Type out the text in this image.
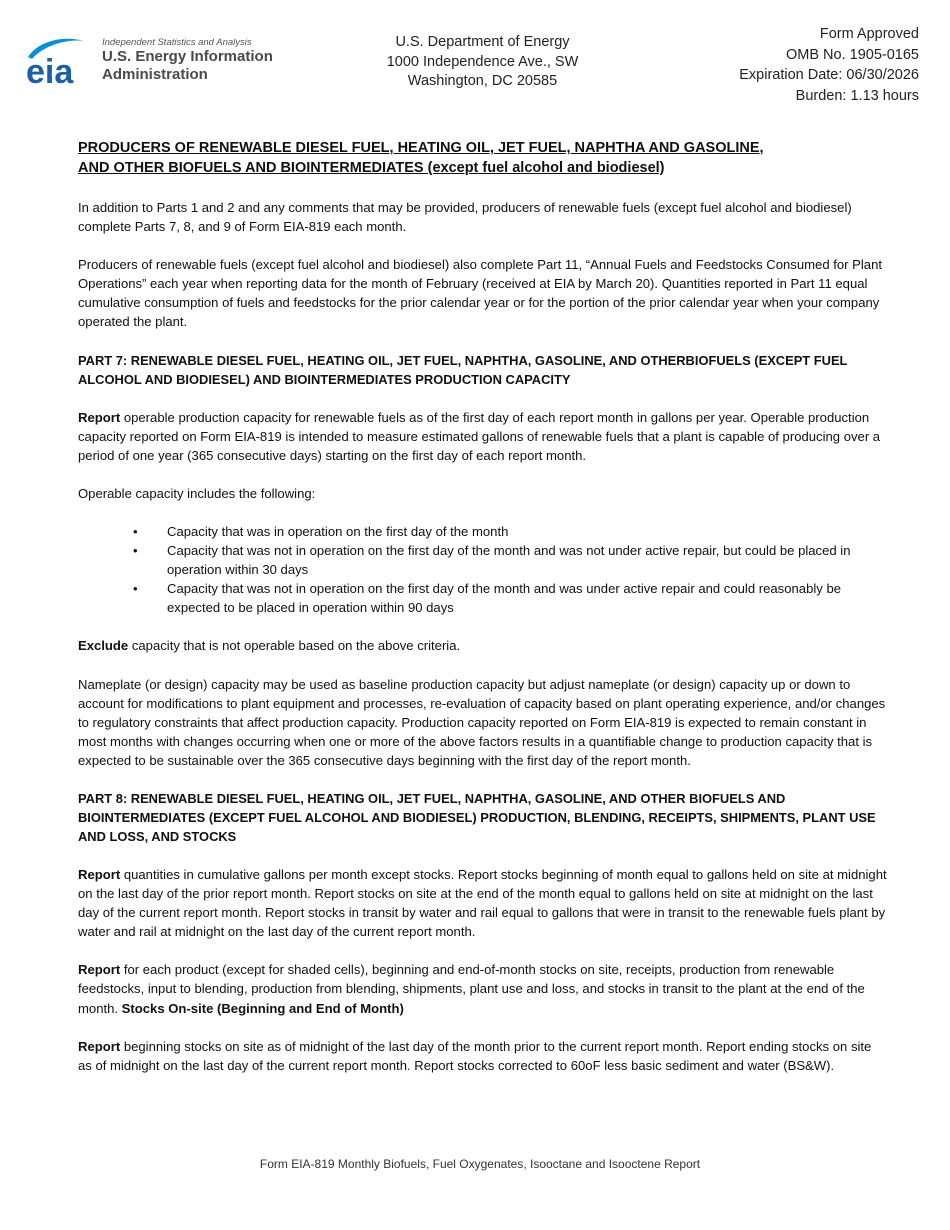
eia
Independent Statistics and Analysis
U.S. Energy Information
Administration
U.S. Department of Energy
1000 Independence Ave., SW
Washington, DC 20585
Form Approved
OMB No. 1905-0165
Expiration Date: 06/30/2026
Burden: 1.13 hours
PRODUCERS OF RENEWABLE DIESEL FUEL, HEATING OIL, JET FUEL, NAPHTHA AND GASOLINE,
AND OTHER BIOFUELS AND BIOINTERMEDIATES (except fuel alcohol and biodiesel)

In addition to Parts 1 and 2 and any comments that may be provided, producers of renewable fuels (except fuel alcohol and biodiesel) complete Parts 7, 8, and 9 of Form EIA-819 each month.

Producers of renewable fuels (except fuel alcohol and biodiesel) also complete Part 11, “Annual Fuels and Feedstocks Consumed for Plant Operations” each year when reporting data for the month of February (received at EIA by March 20). Quantities reported in Part 11 equal cumulative consumption of fuels and feedstocks for the prior calendar year or for the portion of the prior calendar year when your company operated the plant.

PART 7: RENEWABLE DIESEL FUEL, HEATING OIL, JET FUEL, NAPHTHA, GASOLINE, AND OTHERBIOFUELS (EXCEPT FUEL ALCOHOL AND BIODIESEL) AND BIOINTERMEDIATES PRODUCTION CAPACITY

Report operable production capacity for renewable fuels as of the first day of each report month in gallons per year. Operable production capacity reported on Form EIA-819 is intended to measure estimated gallons of renewable fuels that a plant is capable of producing over a period of one year (365 consecutive days) starting on the first day of each report month.

Operable capacity includes the following:

• Capacity that was in operation on the first day of the month
• Capacity that was not in operation on the first day of the month and was not under active repair, but could be placed in operation within 30 days
• Capacity that was not in operation on the first day of the month and was under active repair and could reasonably be expected to be placed in operation within 90 days

Exclude capacity that is not operable based on the above criteria.

Nameplate (or design) capacity may be used as baseline production capacity but adjust nameplate (or design) capacity up or down to account for modifications to plant equipment and processes, re-evaluation of capacity based on plant operating experience, and/or changes to regulatory constraints that affect production capacity. Production capacity reported on Form EIA-819 is expected to remain constant in most months with changes occurring when one or more of the above factors results in a quantifiable change to production capacity that is expected to be sustainable over the 365 consecutive days beginning with the first day of the report month.

PART 8: RENEWABLE DIESEL FUEL, HEATING OIL, JET FUEL, NAPHTHA, GASOLINE, AND OTHER BIOFUELS AND BIOINTERMEDIATES (EXCEPT FUEL ALCOHOL AND BIODIESEL) PRODUCTION, BLENDING, RECEIPTS, SHIPMENTS, PLANT USE AND LOSS, AND STOCKS

Report quantities in cumulative gallons per month except stocks. Report stocks beginning of month equal to gallons held on site at midnight on the last day of the prior report month. Report stocks on site at the end of the month equal to gallons held on site at midnight on the last day of the current report month. Report stocks in transit by water and rail equal to gallons that were in transit to the renewable fuels plant by water and rail at midnight on the last day of the current report month.

Report for each product (except for shaded cells), beginning and end-of-month stocks on site, receipts, production from renewable feedstocks, input to blending, production from blending, shipments, plant use and loss, and stocks in transit to the plant at the end of the month. Stocks On-site (Beginning and End of Month)

Report beginning stocks on site as of midnight of the last day of the month prior to the current report month. Report ending stocks on site as of midnight on the last day of the current report month. Report stocks corrected to 60oF less basic sediment and water (BS&W).

Form EIA-819 Monthly Biofuels, Fuel Oxygenates, Isooctane and Isooctene Report
